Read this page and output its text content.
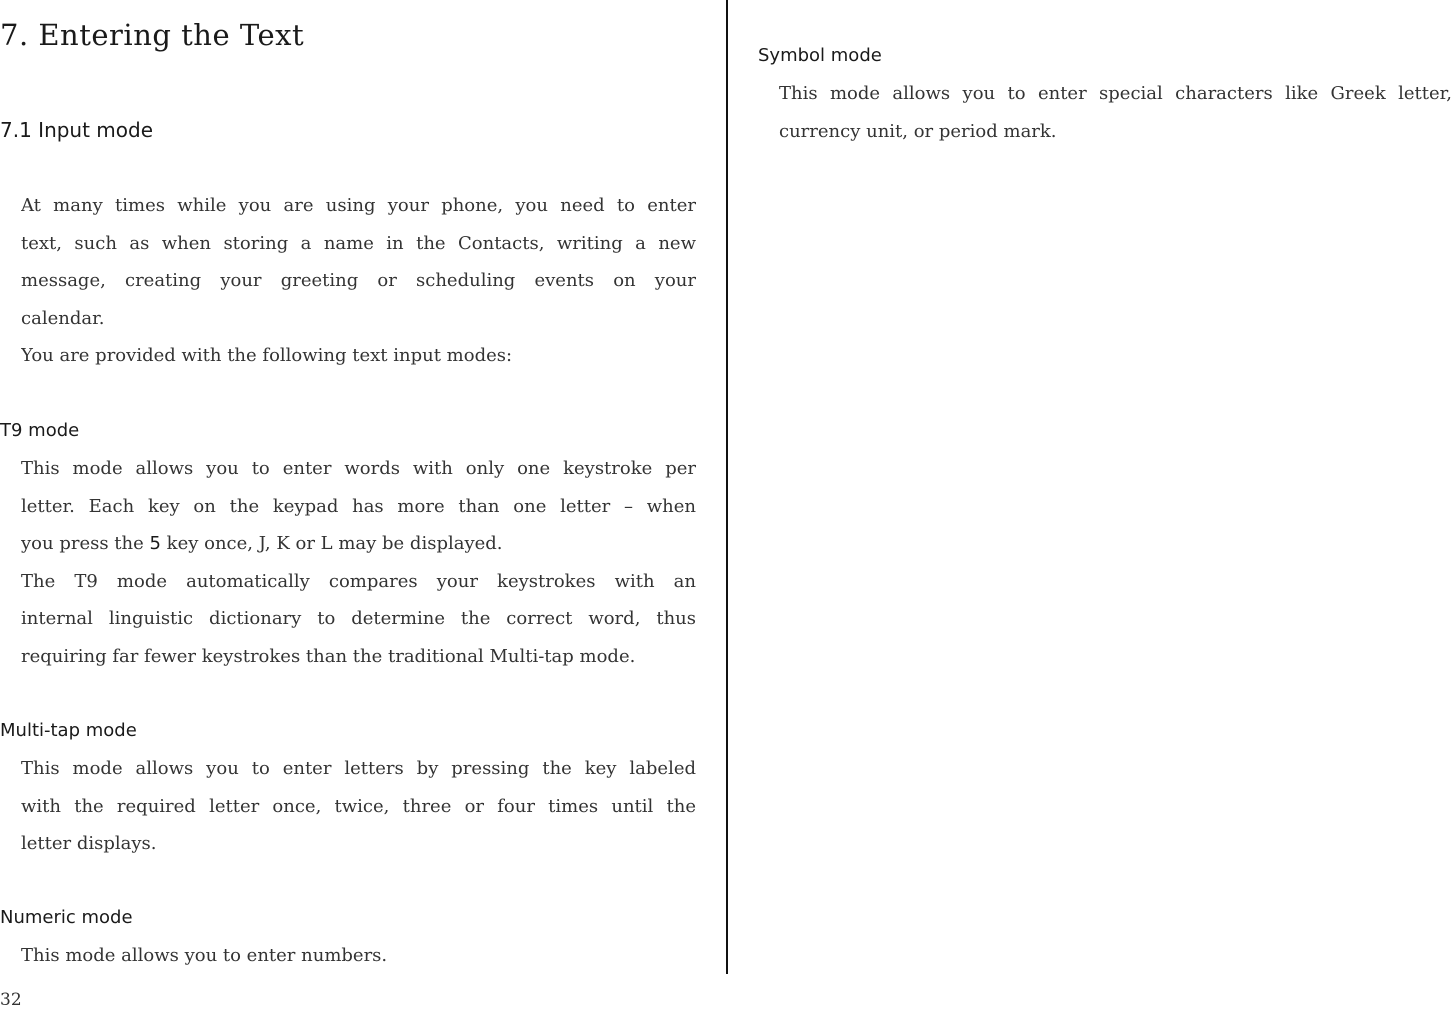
7. Entering the Text
7.1 Input mode
At many times while you are using your phone, you need to enter
text, such as when storing a name in the Contacts, writing a new
message, creating your greeting or scheduling events on your
calendar.
You are provided with the following text input modes:
T9 mode
This mode allows you to enter words with only one keystroke per
letter. Each key on the keypad has more than one letter – when
you press the 5 key once, J, K or L may be displayed.
The T9 mode automatically compares your keystrokes with an
internal linguistic dictionary to determine the correct word, thus
requiring far fewer keystrokes than the traditional Multi-tap mode.
Multi-tap mode
This mode allows you to enter letters by pressing the key labeled
with the required letter once, twice, three or four times until the
letter displays.
Numeric mode
This mode allows you to enter numbers.
Symbol mode
This mode allows you to enter special characters like Greek letter,
currency unit, or period mark.
32
